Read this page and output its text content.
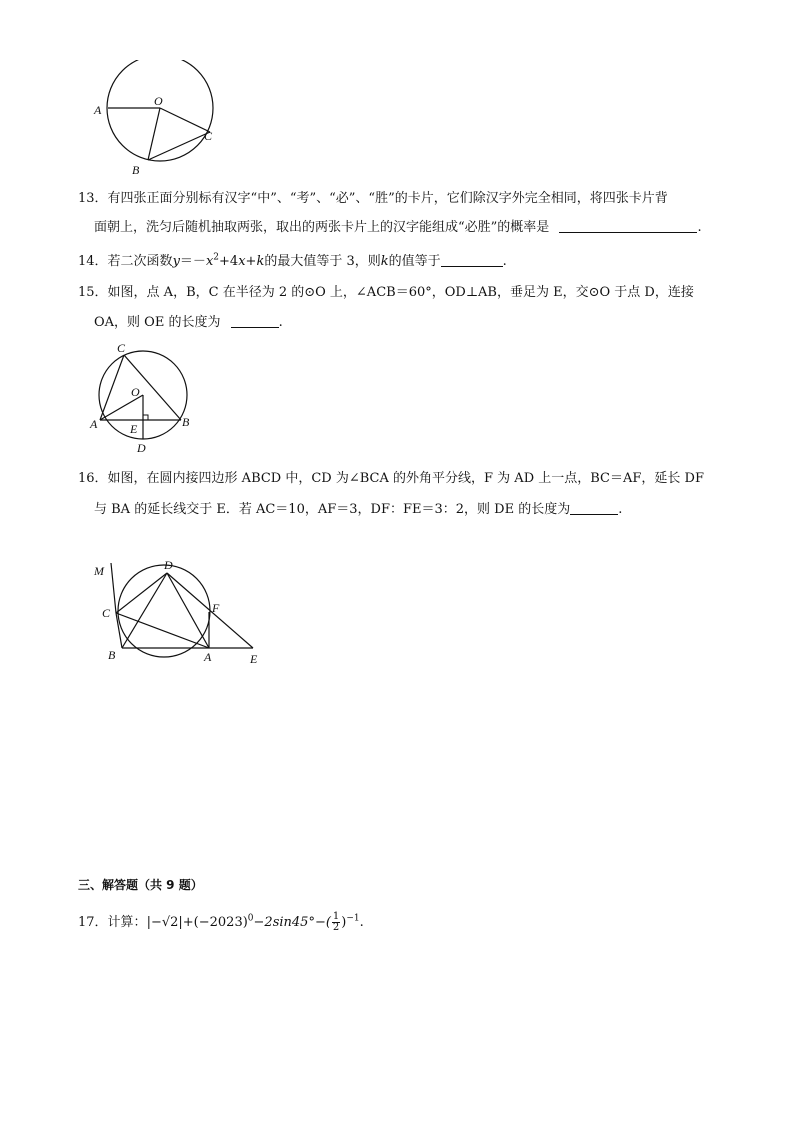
A
O
C
B
13．有四张正面分别标有汉字“中”、“考”、“必”、“胜”的卡片，它们除汉字外完全相同，将四张卡片背
面朝上，洗匀后随机抽取两张，取出的两张卡片上的汉字能组成“必胜”的概率是	.
14．若二次函数$y=-x^2+4x+k$的最大值等于 3，则k的值等于	.
15．如图，点 A，B，C 在半径为 2 的⊙O 上，∠ACB＝60°，OD⊥AB，垂足为 E，交⊙O 于点 D，连接
OA，则 OE 的长度为	.
C
O
A	E	B
D
16．如图，在圆内接四边形 ABCD 中，CD 为∠BCA 的外角平分线，F 为 AD 上一点，BC＝AF，延长 DF
与 BA 的延长线交于 E．若 AC＝10，AF＝3，DF：FE＝3：2，则 DE 的长度为	.
M	D
F
C
B	A	E
三、解答题（共 9 题）
17．计算：$|-√2|+(-2023)^0-2\sin 45^\circ-( \frac{1}{2} )^{-1}$.
